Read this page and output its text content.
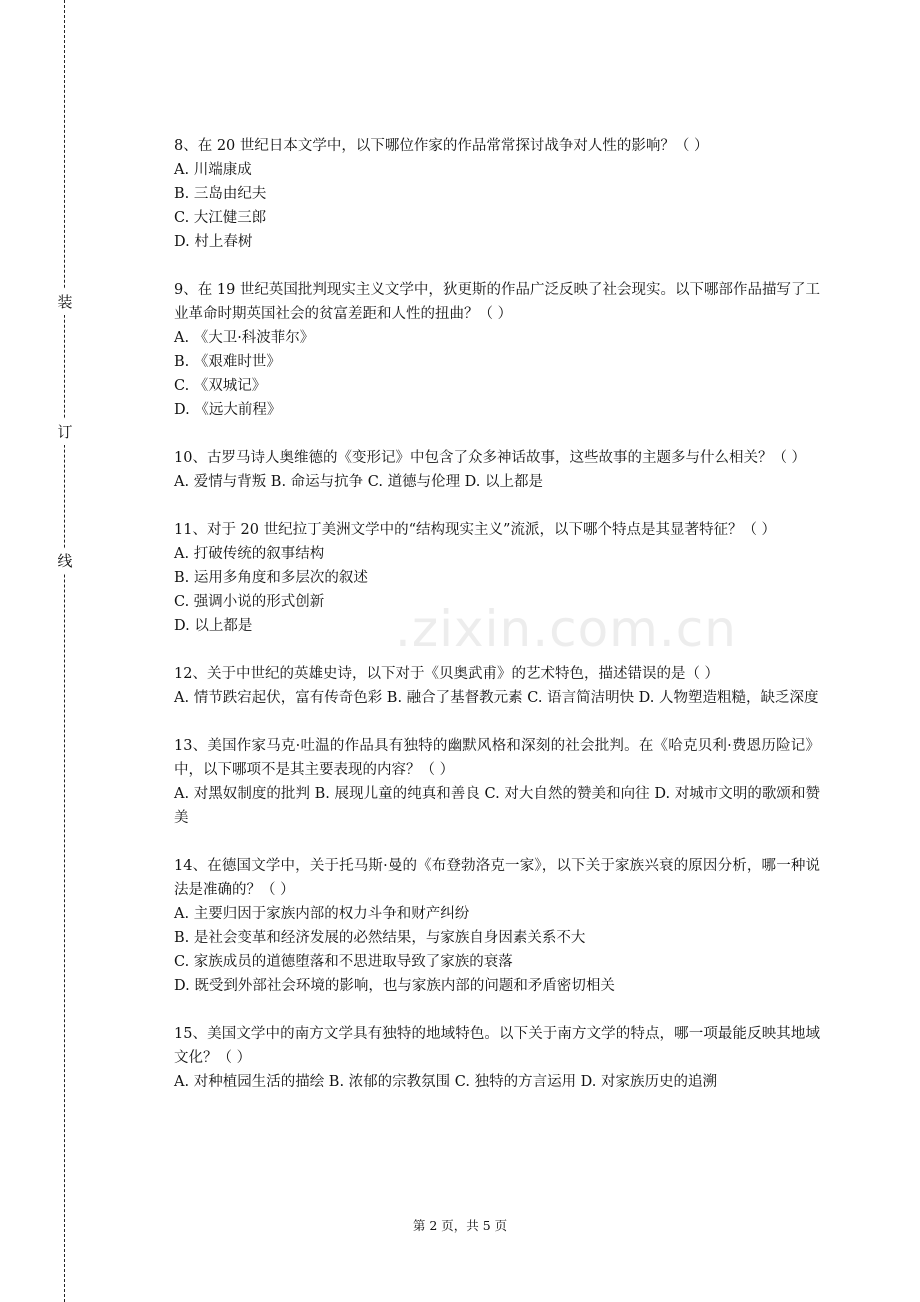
装
订
线
.zixin.com.cn
8、在 20 世纪日本文学中，以下哪位作家的作品常常探讨战争对人性的影响？（ ）
A. 川端康成
B. 三岛由纪夫
C. 大江健三郎
D. 村上春树
9、在 19 世纪英国批判现实主义文学中，狄更斯的作品广泛反映了社会现实。以下哪部作品描写了工业革命时期英国社会的贫富差距和人性的扭曲？（ ）
A. 《大卫·科波菲尔》
B. 《艰难时世》
C. 《双城记》
D. 《远大前程》
10、古罗马诗人奥维德的《变形记》中包含了众多神话故事，这些故事的主题多与什么相关？（ ）
A. 爱情与背叛 B. 命运与抗争 C. 道德与伦理 D. 以上都是
11、对于 20 世纪拉丁美洲文学中的“结构现实主义”流派，以下哪个特点是其显著特征？（ ）
A. 打破传统的叙事结构
B. 运用多角度和多层次的叙述
C. 强调小说的形式创新
D. 以上都是
12、关于中世纪的英雄史诗，以下对于《贝奥武甫》的艺术特色，描述错误的是（ ）
A. 情节跌宕起伏，富有传奇色彩 B. 融合了基督教元素 C. 语言简洁明快 D. 人物塑造粗糙，缺乏深度
13、美国作家马克·吐温的作品具有独特的幽默风格和深刻的社会批判。在《哈克贝利·费恩历险记》中，以下哪项不是其主要表现的内容？（ ）
A. 对黑奴制度的批判 B. 展现儿童的纯真和善良 C. 对大自然的赞美和向往 D. 对城市文明的歌颂和赞美
14、在德国文学中，关于托马斯·曼的《布登勃洛克一家》，以下关于家族兴衰的原因分析，哪一种说法是准确的？（ ）
A. 主要归因于家族内部的权力斗争和财产纠纷
B. 是社会变革和经济发展的必然结果，与家族自身因素关系不大
C. 家族成员的道德堕落和不思进取导致了家族的衰落
D. 既受到外部社会环境的影响，也与家族内部的问题和矛盾密切相关
15、美国文学中的南方文学具有独特的地域特色。以下关于南方文学的特点，哪一项最能反映其地域文化？（ ）
A. 对种植园生活的描绘 B. 浓郁的宗教氛围 C. 独特的方言运用 D. 对家族历史的追溯
第 2 页，共 5 页
